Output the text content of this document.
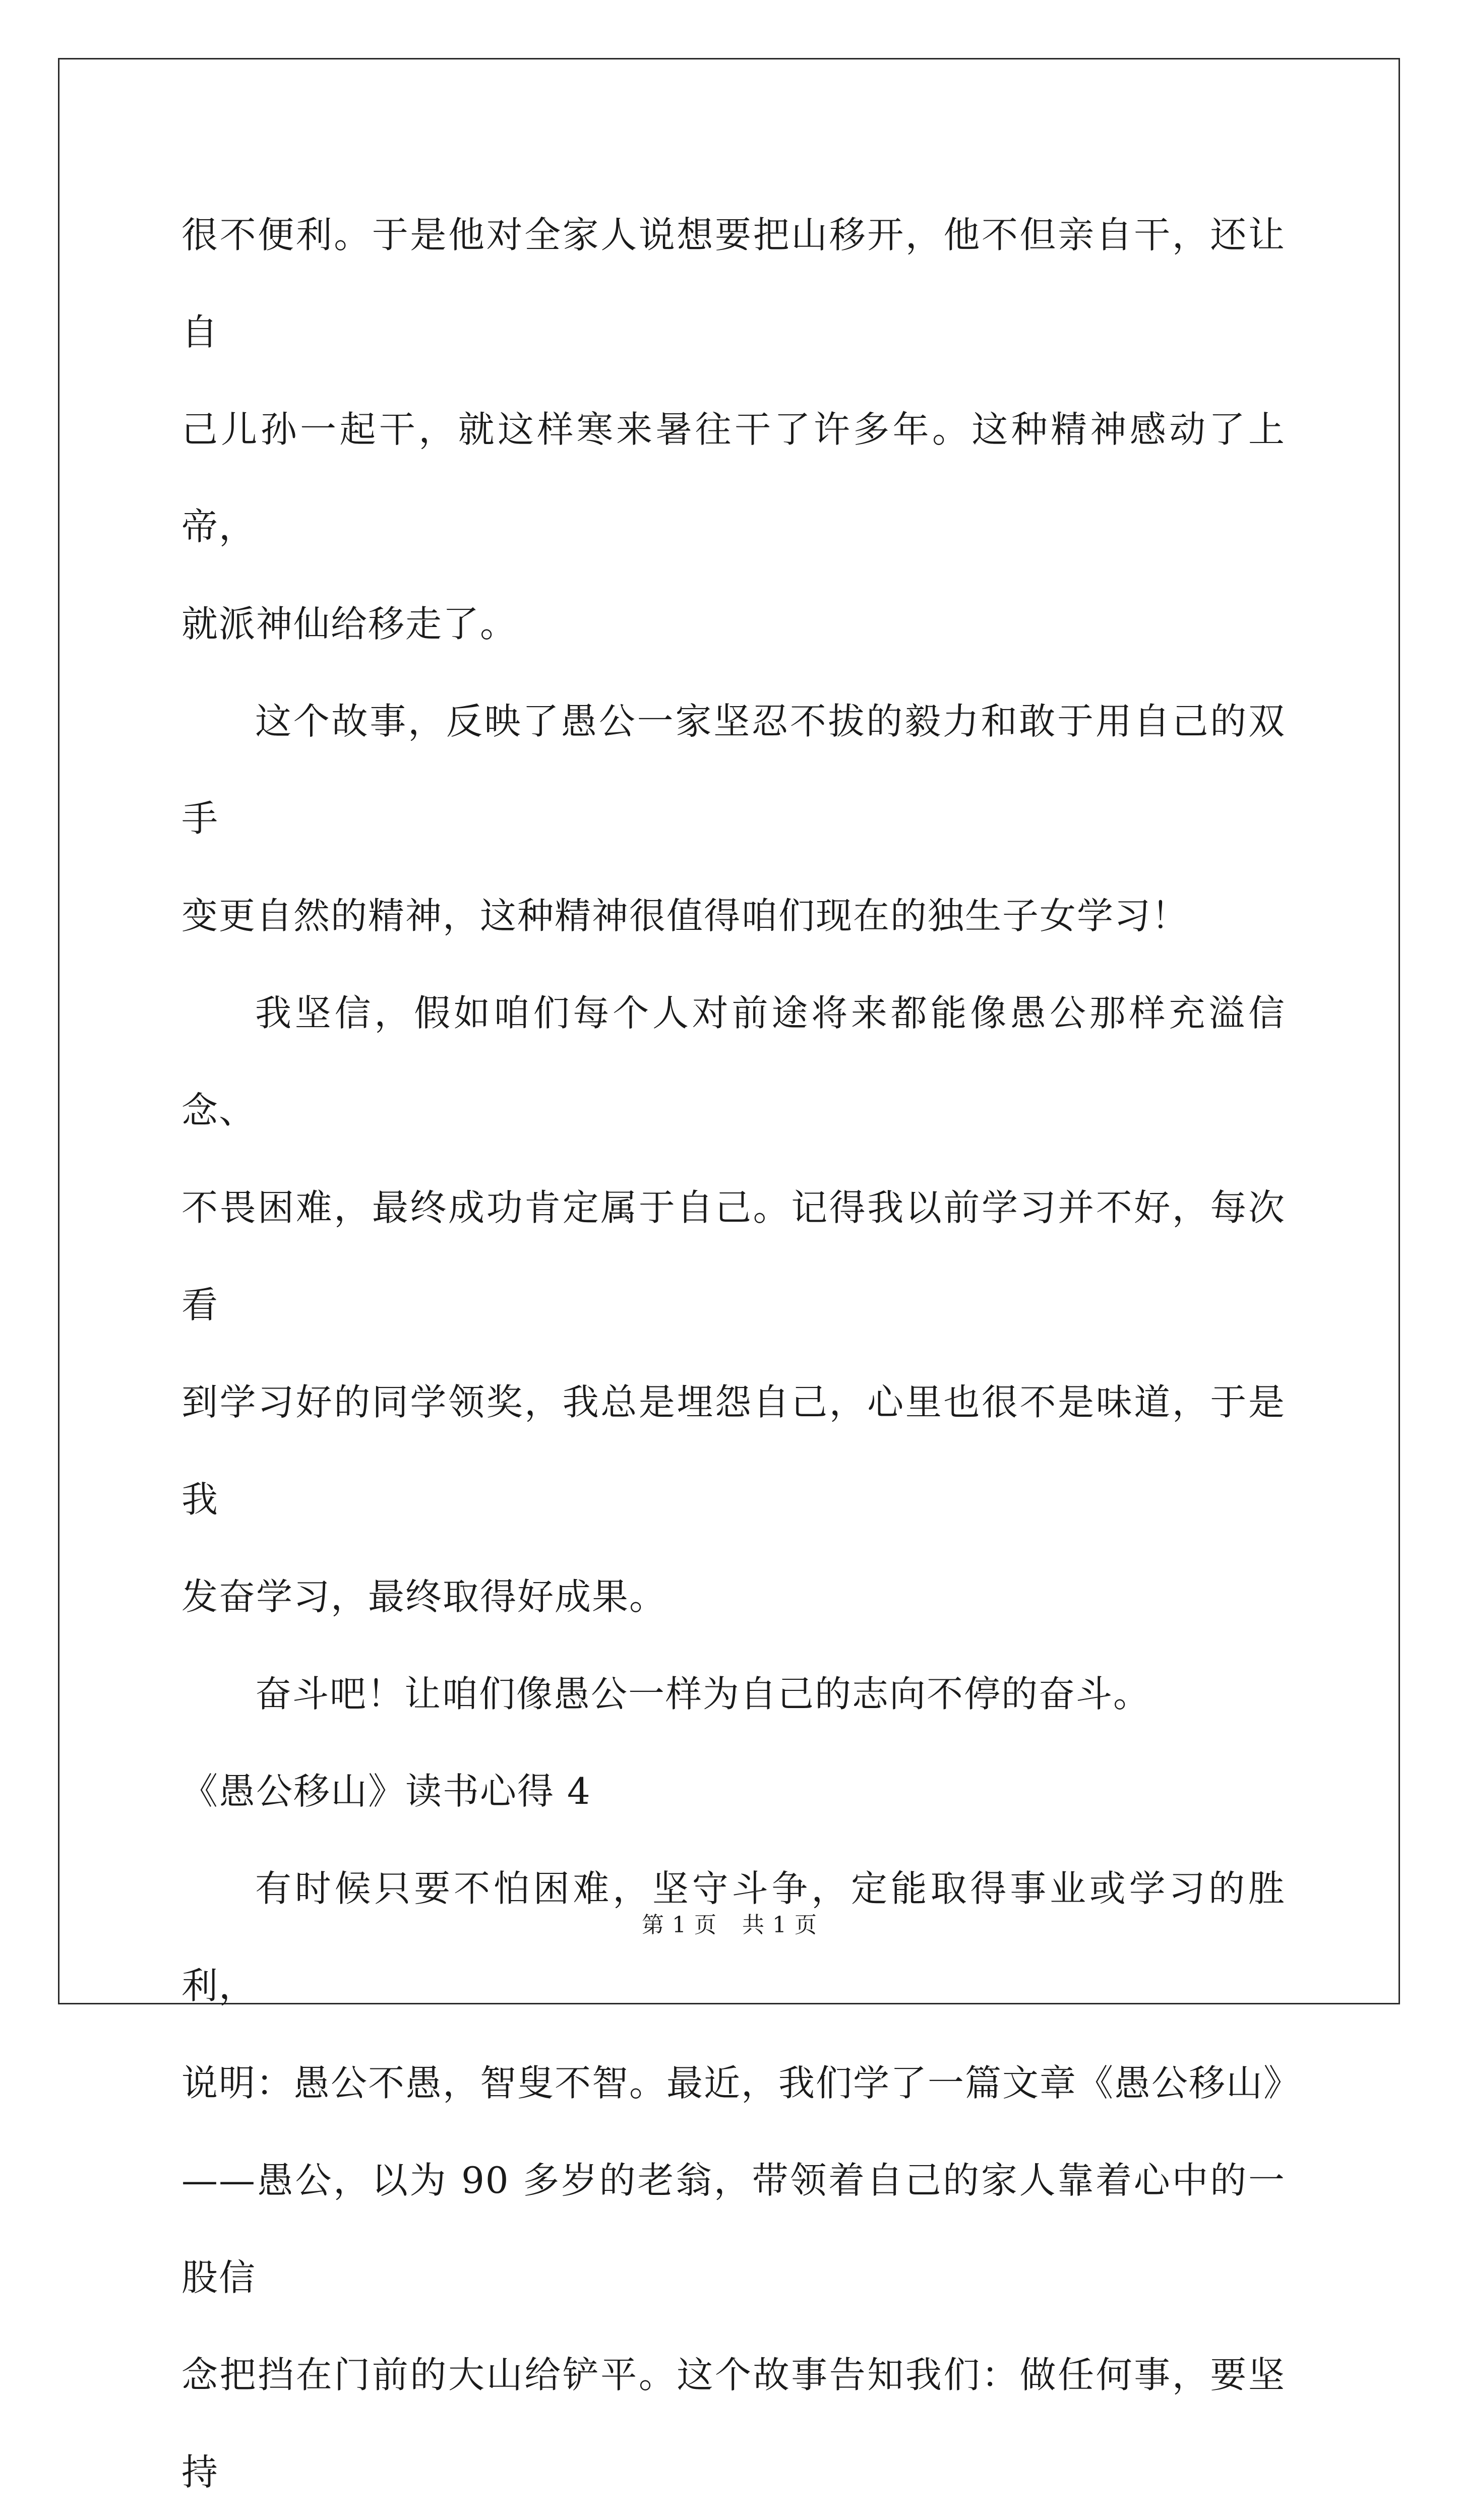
很不便利。于是他对全家人说想要把山移开，他不但亲自干，还让自

己儿孙一起干，就这样寒来暑往干了许多年。这种精神感动了上帝，

就派神仙给移走了。

这个故事，反映了愚公一家坚忍不拔的毅力和敢于用自己的双手

变更自然的精神，这种精神很值得咱们现在的独生子女学习！

我坚信，假如咱们每个人对前途将来都能像愚公那样充溢信念、

不畏困难，最终成功肯定属于自己。记得我以前学习并不好，每次看

到学习好的同学领奖，我总是埋怨自己，心里也很不是味道，于是我

发奋学习，最终取得好成果。

奋斗吧！让咱们像愚公一样为自己的志向不停的奋斗。

《愚公移山》读书心得 4

有时候只要不怕困难，坚守斗争，定能取得事业或学习的胜利，

说明：愚公不愚，智叟不智。最近，我们学了一篇文章《愚公移山》

——愚公，以为 90 多岁的老翁，带领着自己的家人靠着心中的一股信

念把挡在门前的大山给铲平。这个故事告知我们：做任何事，要坚持

第 1 页 共 1 页
